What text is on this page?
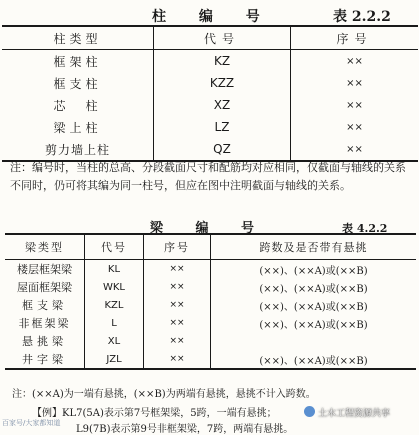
柱 编 号	表 2.2.2
柱类型	代号	序号
框架柱	KZ	××
框支柱	KZZ	××
芯　柱	XZ	××
梁上柱	LZ	××
剪力墙上柱	QZ	××
注：编号时，当柱的总高、分段截面尺寸和配筋均对应相同，仅截面与轴线的关系不同时，仍可将其编为同一柱号，但应在图中注明截面与轴线的关系。
梁 编 号	表 4.2.2
梁类型	代号	序号	跨数及是否带有悬挑
楼层框架梁	KL	××	(××)、(××A)或(××B)
屋面框架梁	WKL	××	(××)、(××A)或(××B)
框支梁	KZL	××	(××)、(××A)或(××B)
非框架梁	L	××	(××)、(××A)或(××B)
悬挑梁	XL	××	
井字梁	JZL	××	(××)、(××A)或(××B)
注：(××A)为一端有悬挑，(××B)为两端有悬挑，悬挑不计入跨数。
【例】KL7(5A)表示第7号框架梁，5跨，一端有悬挑；
L9(7B)表示第9号非框架梁，7跨，两端有悬挑。
百家号/大家都知道
土木工程资源共享
